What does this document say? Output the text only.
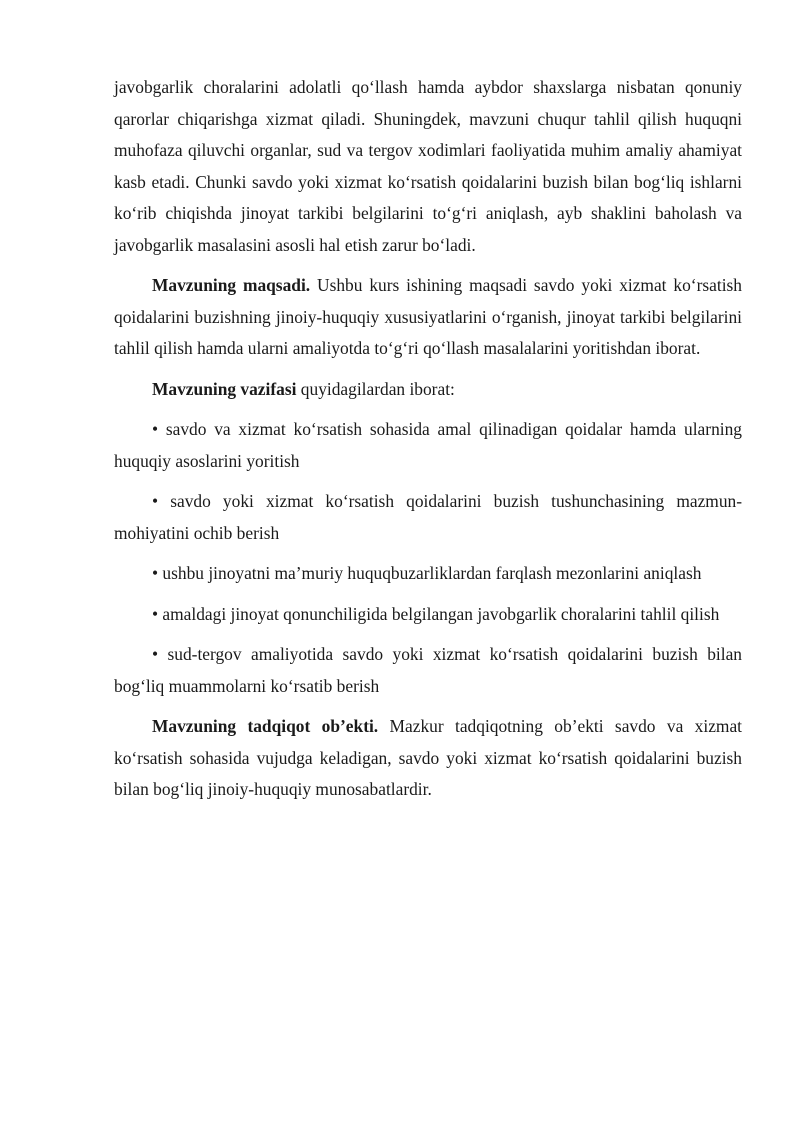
javobgarlik choralarini adolatli qo‘llash hamda aybdor shaxslarga nisbatan qonuniy qarorlar chiqarishga xizmat qiladi. Shuningdek, mavzuni chuqur tahlil qilish huquqni muhofaza qiluvchi organlar, sud va tergov xodimlari faoliyatida muhim amaliy ahamiyat kasb etadi. Chunki savdo yoki xizmat ko‘rsatish qoidalarini buzish bilan bog‘liq ishlarni ko‘rib chiqishda jinoyat tarkibi belgilarini to‘g‘ri aniqlash, ayb shaklini baholash va javobgarlik masalasini asosli hal etish zarur bo‘ladi.

Mavzuning maqsadi. Ushbu kurs ishining maqsadi savdo yoki xizmat ko‘rsatish qoidalarini buzishning jinoiy-huquqiy xususiyatlarini o‘rganish, jinoyat tarkibi belgilarini tahlil qilish hamda ularni amaliyotda to‘g‘ri qo‘llash masalalarini yoritishdan iborat.

Mavzuning vazifasi quyidagilardan iborat:

• savdo va xizmat ko‘rsatish sohasida amal qilinadigan qoidalar hamda ularning huquqiy asoslarini yoritish

• savdo yoki xizmat ko‘rsatish qoidalarini buzish tushunchasining mazmun-mohiyatini ochib berish

• ushbu jinoyatni ma’muriy huquqbuzarliklardan farqlash mezonlarini aniqlash

• amaldagi jinoyat qonunchiligida belgilangan javobgarlik choralarini tahlil qilish

• sud-tergov amaliyotida savdo yoki xizmat ko‘rsatish qoidalarini buzish bilan bog‘liq muammolarni ko‘rsatib berish

Mavzuning tadqiqot ob’ekti. Mazkur tadqiqotning ob’ekti savdo va xizmat ko‘rsatish sohasida vujudga keladigan, savdo yoki xizmat ko‘rsatish qoidalarini buzish bilan bog‘liq jinoiy-huquqiy munosabatlardir.
